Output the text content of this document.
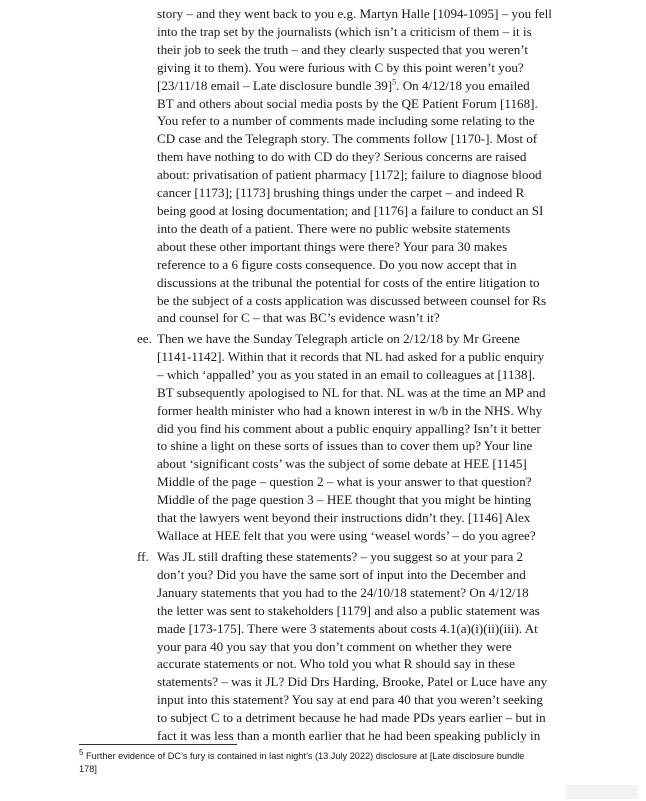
story – and they went back to you e.g. Martyn Halle [1094-1095] – you fell
into the trap set by the journalists (which isn’t a criticism of them – it is
their job to seek the truth – and they clearly suspected that you weren’t
giving it to them). You were furious with C by this point weren’t you?
[23/11/18 email – Late disclosure bundle 39]$^5$. On 4/12/18 you emailed
BT and others about social media posts by the QE Patient Forum [1168].
You refer to a number of comments made including some relating to the
CD case and the Telegraph story. The comments follow [1170-]. Most of
them have nothing to do with CD do they? Serious concerns are raised
about: privatisation of patient pharmacy [1172]; failure to diagnose blood
cancer [1173]; [1173] brushing things under the carpet – and indeed R
being good at losing documentation; and [1176] a failure to conduct an SI
into the death of a patient. There were no public website statements
about these other important things were there? Your para 30 makes
reference to a 6 figure costs consequence. Do you now accept that in
discussions at the tribunal the potential for costs of the entire litigation to
be the subject of a costs application was discussed between counsel for Rs
and counsel for C – that was BC’s evidence wasn’t it?
ee. Then we have the Sunday Telegraph article on 2/12/18 by Mr Greene
[1141-1142]. Within that it records that NL had asked for a public enquiry
– which ‘appalled’ you as you stated in an email to colleagues at [1138].
BT subsequently apologised to NL for that. NL was at the time an MP and
former health minister who had a known interest in w/b in the NHS. Why
did you find his comment about a public enquiry appalling? Isn’t it better
to shine a light on these sorts of issues than to cover them up? Your line
about ‘significant costs’ was the subject of some debate at HEE [1145]
Middle of the page – question 2 – what is your answer to that question?
Middle of the page question 3 – HEE thought that you might be hinting
that the lawyers went beyond their instructions didn’t they. [1146] Alex
Wallace at HEE felt that you were using ‘weasel words’ – do you agree?
ff. Was JL still drafting these statements? – you suggest so at your para 2
don’t you? Did you have the same sort of input into the December and
January statements that you had to the 24/10/18 statement? On 4/12/18
the letter was sent to stakeholders [1179] and also a public statement was
made [173-175]. There were 3 statements about costs 4.1(a)(i)(ii)(iii). At
your para 40 you say that you don’t comment on whether they were
accurate statements or not. Who told you what R should say in these
statements? – was it JL? Did Drs Harding, Brooke, Patel or Luce have any
input into this statement? You say at end para 40 that you weren’t seeking
to subject C to a detriment because he had made PDs years earlier – but in
fact it was less than a month earlier that he had been speaking publicly in
$^5$ Further evidence of DC’s fury is contained in last night’s (13 July 2022) disclosure at [Late disclosure bundle
178]
